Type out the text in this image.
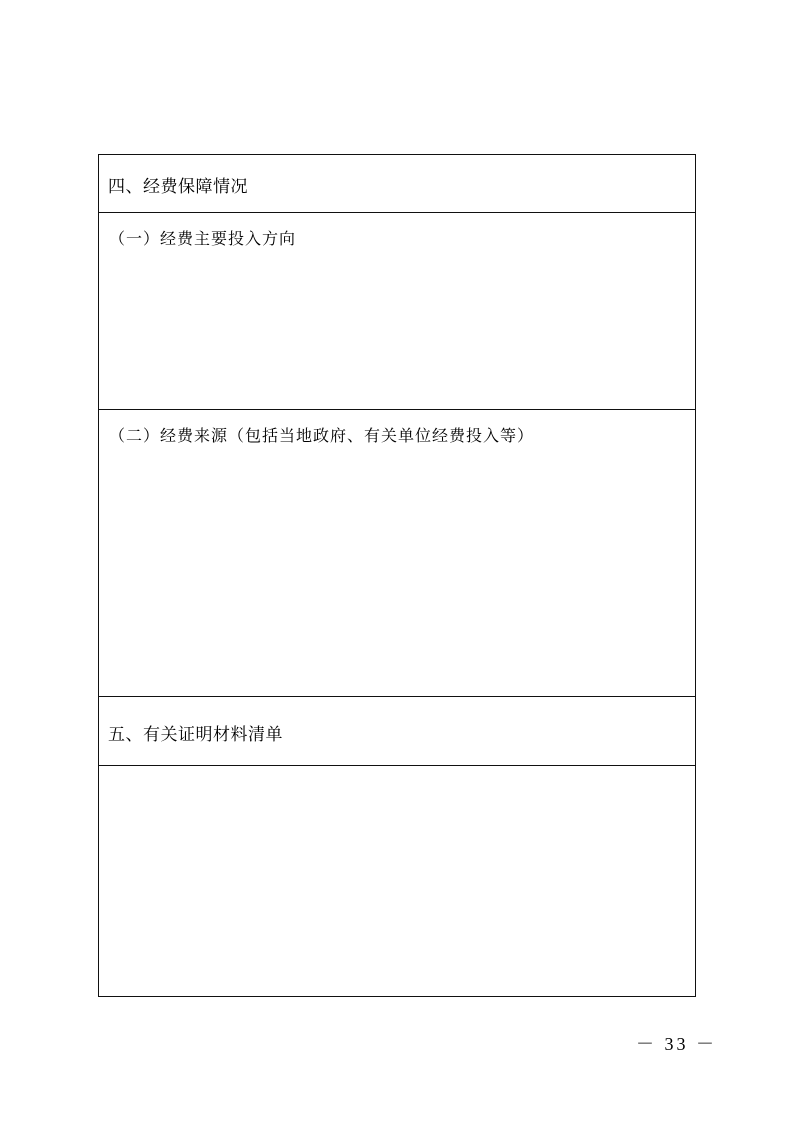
四、经费保障情况
（一）经费主要投入方向
（二）经费来源（包括当地政府、有关单位经费投入等）
五、有关证明材料清单
－ 33 －
